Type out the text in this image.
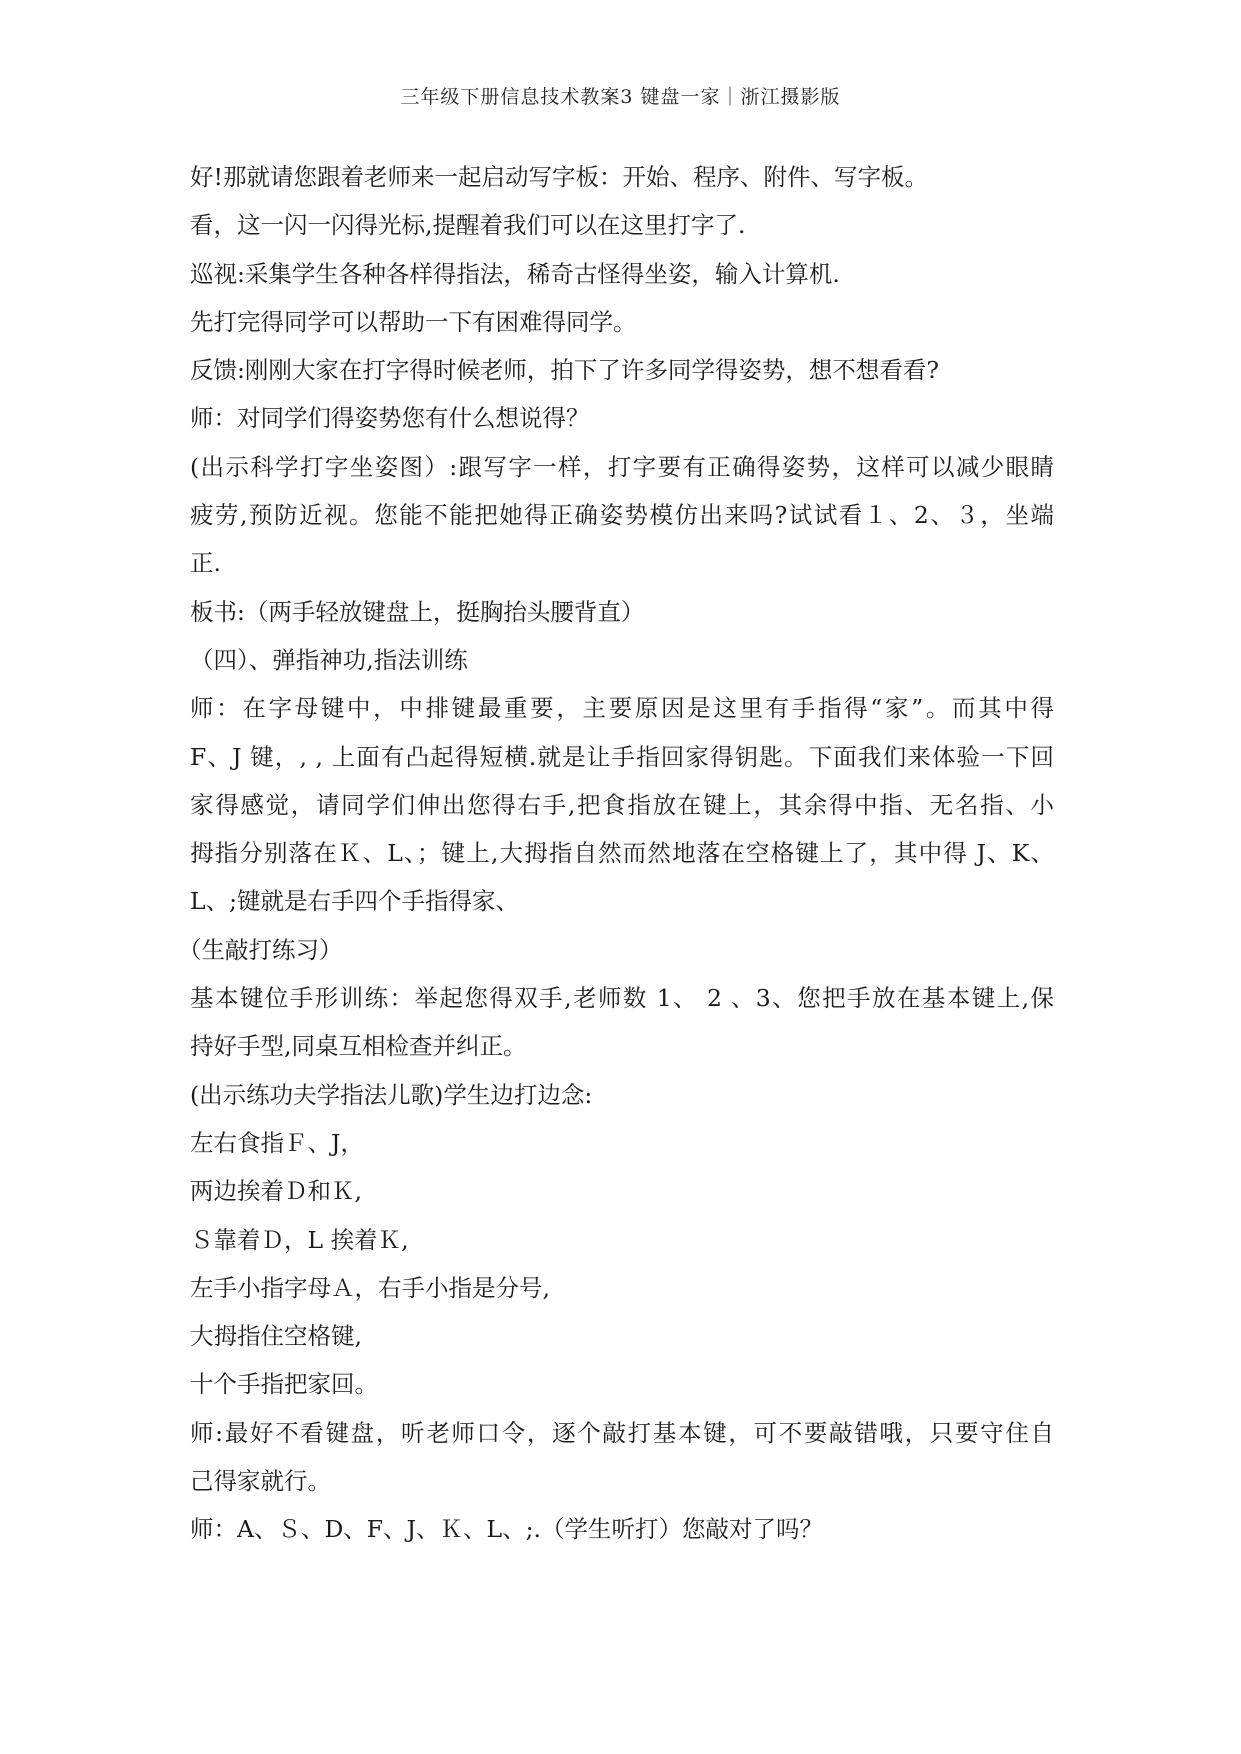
三年级下册信息技术教案3 键盘一家｜浙江摄影版
好!那就请您跟着老师来一起启动写字板：开始、程序、附件、写字板。
看，这一闪一闪得光标,提醒着我们可以在这里打字了.
巡视:采集学生各种各样得指法，稀奇古怪得坐姿，输入计算机.
先打完得同学可以帮助一下有困难得同学。
反馈:刚刚大家在打字得时候老师，拍下了许多同学得姿势，想不想看看?
师：对同学们得姿势您有什么想说得？
(出示科学打字坐姿图）:跟写字一样，打字要有正确得姿势，这样可以减少眼睛
疲劳,预防近视。您能不能把她得正确姿势模仿出来吗?试试看１、2、３，坐端
正.
板书:（两手轻放键盘上，挺胸抬头腰背直）
（四）、弹指神功,指法训练
师：在字母键中，中排键最重要，主要原因是这里有手指得“家”。而其中得
F、J 键，, , 上面有凸起得短横.就是让手指回家得钥匙。下面我们来体验一下回
家得感觉，请同学们伸出您得右手,把食指放在键上，其余得中指、无名指、小
拇指分别落在Ｋ、L、；键上,大拇指自然而然地落在空格键上了，其中得 J、K、
L、;键就是右手四个手指得家、
（生敲打练习）
基本键位手形训练：举起您得双手,老师数 1、 2 、3、您把手放在基本键上,保
持好手型,同桌互相检查并纠正。
(出示练功夫学指法儿歌)学生边打边念:
左右食指Ｆ、J，
两边挨着Ｄ和Ｋ,
Ｓ靠着Ｄ，L 挨着Ｋ,
左手小指字母Ａ，右手小指是分号,
大拇指住空格键,
十个手指把家回。
师:最好不看键盘，听老师口令，逐个敲打基本键，可不要敲错哦，只要守住自
己得家就行。
师：A、Ｓ、D、F、J、Ｋ、L、;.（学生听打）您敲对了吗？
